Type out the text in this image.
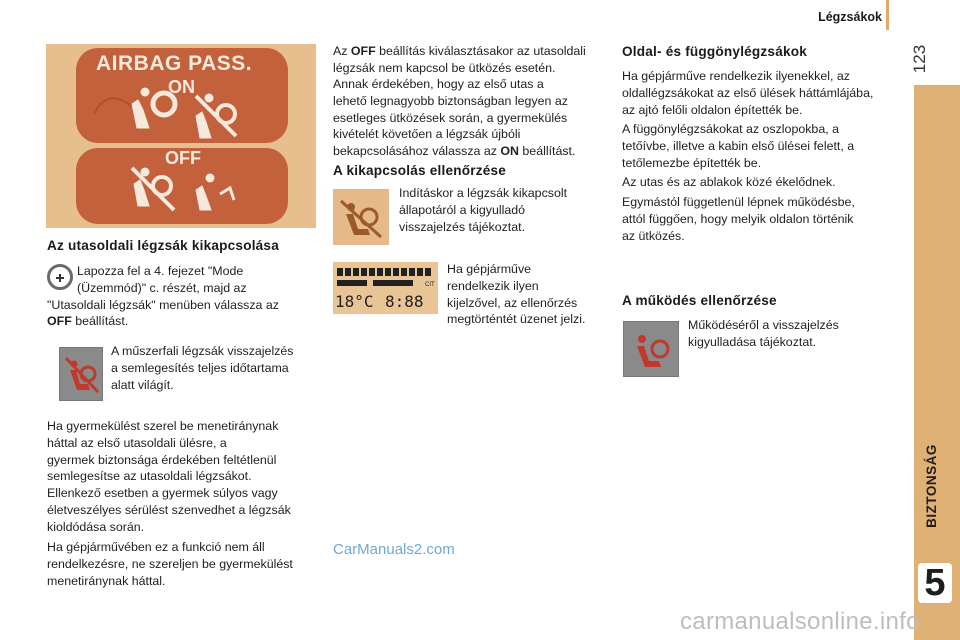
Légzsákok
123
BIZTONSÁG
5
AIRBAG PASS.
ON
OFF
Az utasoldali légzsák kikapcsolása
Lapozza fel a 4. fejezet "Mode
(Üzemmód)" c. részét, majd az
"Utasoldali légzsák" menüben válassza az
OFF beállítást.
A műszerfali légzsák visszajelzés
a semlegesítés teljes időtartama
alatt világít.
Ha gyermekülést szerel be menetiránynak
háttal az első utasoldali ülésre, a
gyermek biztonsága érdekében feltétlenül
semlegesítse az utasoldali légzsákot.
Ellenkező esetben a gyermek súlyos vagy
életveszélyes sérülést szenvedhet a légzsák
kioldódása során.
Ha gépjárművében ez a funkció nem áll
rendelkezésre, ne szereljen be gyermekülést
menetiránynak háttal.
Az OFF beállítás kiválasztásakor az utasoldali
légzsák nem kapcsol be ütközés esetén.
Annak érdekében, hogy az első utas a
lehető legnagyobb biztonságban legyen az
esetleges ütközések során, a gyermekülés
kivételét követően a légzsák újbóli
bekapcsolásához válassza az ON beállítást.
A kikapcsolás ellenőrzése
Indításkor a légzsák kikapcsolt
állapotáról a kigyulladó
visszajelzés tájékoztat.
18°C 8:88
CIT
Ha gépjárműve
rendelkezik ilyen
kijelzővel, az ellenőrzés
megtörténtét üzenet jelzi.
Oldal- és függönylégzsákok
Ha gépjárműve rendelkezik ilyenekkel, az
oldallégzsákokat az első ülések háttámlájába,
az ajtó felőli oldalon építették be.
A függönylégzsákokat az oszlopokba, a
tetőívbe, illetve a kabin első ülései felett, a
tetőlemezbe építették be.
Az utas és az ablakok közé ékelődnek.
Egymástól függetlenül lépnek működésbe,
attól függően, hogy melyik oldalon történik
az ütközés.
A működés ellenőrzése
Működéséről a visszajelzés
kigyulladása tájékoztat.
CarManuals2.com
carmanualsonline.info
